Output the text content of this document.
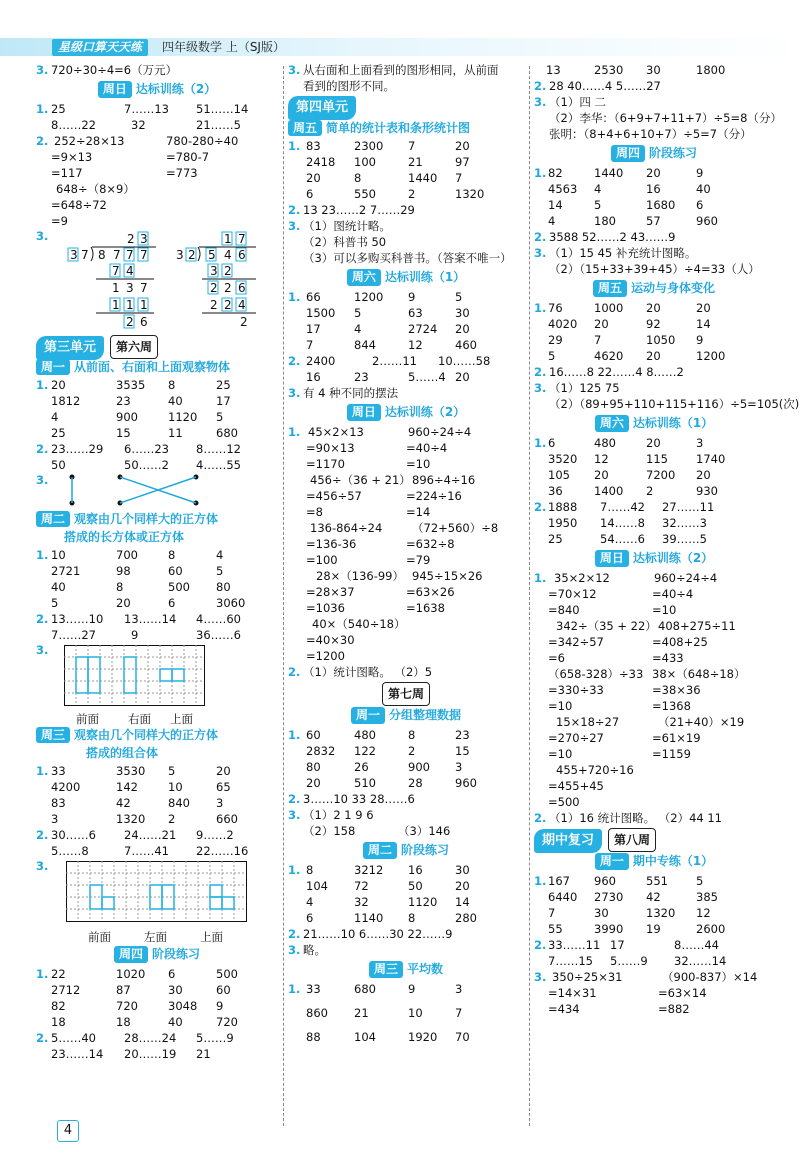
星级口算天天练	四年级数学 上（SJ版）
3. 720÷30÷4=6（万元）
周日 达标训练（2）
1. 25	7……13 51……14
8……22	32	21……5
2. 252÷28×13	780-280÷40
=9×13	=780-7
=117	=773
648÷（8×9）
=648÷72
=9
3.	2 3
3 7 8 7 7 7
7 4
1 3 7
1 1 1
2 6
1 7
3 2 5 4 6
3 2
2 2 6
2 2 4
2
第三单元 第六周
周一 从前面、右面和上面观察物体
1. 20	3535 8	25
1812	23	40	17
4	900	1120 5
25	15	11	680
2. 23……29 6……23 8……12
50	50……2 4……55
3.
周二 观察由几个同样大的正方体
搭成的长方体或正方体
1. 10	700	8	4
2721	98	60	5
40	8	500 80
5	20	6	3060
2. 13……10 13……14 4……60
7……27	9	36……6
3.
前面	右面 上面
周三 观察由几个同样大的正方体
搭成的组合体
1. 33	3530 5	20
4200	142	10	65
83	42	840 3
3	1320 2	660
2. 30……6 24……21 9……2
5……8	7……41 22……16
3.
前面	左面	上面
周四 阶段练习
1. 22	1020 6	500
2712	87	30	60
82	720	3048 9
18	18	40	720
2. 5……40 28……24 5……9
23……14 20……19 21
3. 从右面和上面看到的图形相同，从前面
看到的图形不同。
第四单元
周五 简单的统计表和条形统计图
1. 83	2300 7	20
2418 100	21	97
20	8	1440 7
6	550	2	1320
2. 13 23……2 7……29
3. （1）图统计略。
（2）科普书 50
（3）可以多购买科普书。（答案不唯一）
周六 达标训练（1）
1. 66	1200 9	5
1500 5	63	30
17	4	2724 20
7	844	12	460
2. 2400	2……11 10……58
16	23	5……4 20
3. 有 4 种不同的摆法
周日 达标训练（2）
1. 45×2×13	960÷24÷4
=90×13	=40÷4
=1170	=10
456÷（36 + 21） 896÷4÷16
=456÷57	=224÷16
=8	=14
136-864÷24	（72+560）÷8
=136-36	=632÷8
=100	=79
28×（136-99） 945÷15×26
=28×37	=63×26
=1036	=1638
40×（540÷18）
=40×30
=1200
2. （1）统计图略。 （2）5
第七周
周一 分组整理数据
1. 60	480	8	23
2832 122	2	15
80	26	900 3
20	510	28	960
2. 3……10 33 28……6
3. （1）2 1 9 6
（2）158	（3）146
周二 阶段练习
1. 8	3212 16	30
104 72	50	20
4	32	1120 14
6	1140 8	280
2. 21……10 6……30 22……9
3. 略。
周三 平均数
1. 33	680	9	3
860 21	10	7
88	104	1920 70
13	2530 30	1800
2. 28 40……4 5……27
3. （1）四 二
（2）李华：（6+9+7+11+7）÷5=8（分）
张明：（8+4+6+10+7）÷5=7（分）
周四 阶段练习
1. 82	1440 20	9
4563 4	16	40
14	5	1680 6
4	180	57	960
2. 3588 52……2 43……9
3. （1）15 45 补充统计图略。
（2）（15+33+39+45）÷4=33（人）
周五 运动与身体变化
1. 76	1000 20	20
4020 20	92	14
29	7	1050 9
5	4620 20	1200
2. 16……8 22……4 8……2
3. （1）125 75
（2）（89+95+110+115+116）÷5=105(次)
周六 达标训练（1）
1. 6	480	20	3
3520 12	115 1740
105 20	7200 20
36	1400 2	930
2. 1888 7……42 27……11
1950 14……8 32……3
25	54……6 39……5
周日 达标训练（2）
1. 35×2×12	960÷24÷4
=70×12	=40÷4
=840	=10
342÷（35 + 22） 408+275÷11
=342÷57	=408+25
=6	=433
（658-328）÷33 38×（648÷18）
=330÷33	=38×36
=10	=1368
15×18÷27	（21+40）×19
=270÷27	=61×19
=10	=1159
455+720÷16
=455+45
=500
2. （1）16 统计图略。 （2）44 11
期中复习 第八周
周一 期中专练（1）
1. 167 960	551 5
6440 2730 42	385
7	30	1320 12
55	3990 19	2600
2. 33……11 17	8……44
7……15 5……9 32……14
3. 350÷25×31	（900-837）×14
=14×31	=63×14
=434	=882
4
